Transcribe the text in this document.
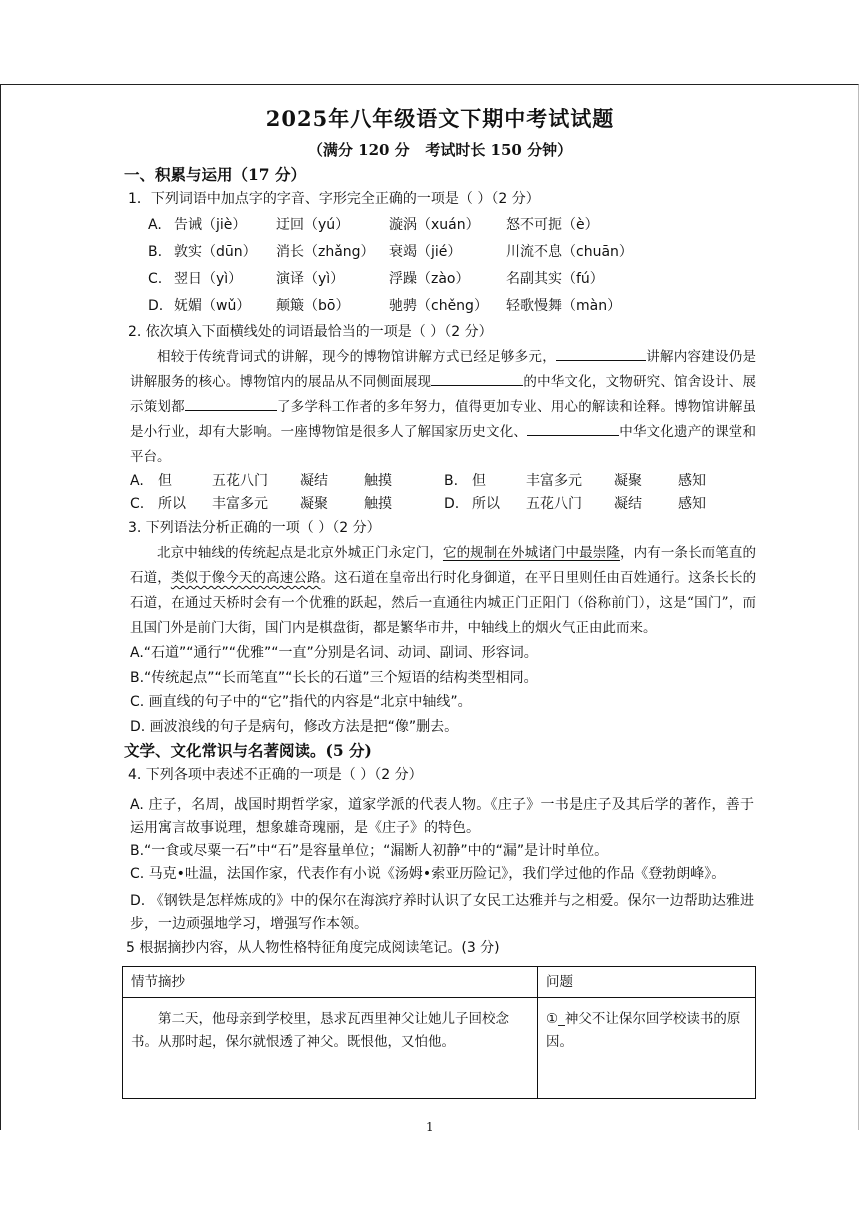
2025年八年级语文下期中考试试题
（满分 120 分   考试时长 150 分钟）
一、积累与运用（17 分）
1．下列词语中加点字的字音、字形完全正确的一项是（ ）（2 分）
A. 告诫（jiè）	迂回（yú）	漩涡（xuán）	怒不可扼（è）
B. 敦实（dūn）	消长（zhǎng）	衰竭（jié）	川流不息（chuān）
C. 翌日（yì）	演译（yì）	浮躁（zào）	名副其实（fú）
D. 妩媚（wǔ）	颠簸（bō）	驰骋（chěng）	轻歌慢舞（màn）
2. 依次填入下面横线处的词语最恰当的一项是（ ）（2 分）
相较于传统背词式的讲解，现今的博物馆讲解方式已经足够多元，	讲解内容建设仍是讲解服务的核心。博物馆内的展品从不同侧面展现	的中华文化，文物研究、馆舍设计、展示策划都	了多学科工作者的多年努力，值得更加专业、用心的解读和诠释。博物馆讲解虽是小行业，却有大影响。一座博物馆是很多人了解国家历史文化、	中华文化遗产的课堂和平台。
A.	但	五花八门	凝结	触摸	B. 但	丰富多元	凝聚	感知
C. 所以	丰富多元	凝聚	触摸	D. 所以	五花八门	凝结	感知
3. 下列语法分析正确的一项（ ）（2 分）
北京中轴线的传统起点是北京外城正门永定门，它的规制在外城诸门中最崇隆，内有一条长而笔直的石道，类似于像今天的高速公路。这石道在皇帝出行时化身御道，在平日里则任由百姓通行。这条长长的石道，在通过天桥时会有一个优雅的跃起，然后一直通往内城正门正阳门（俗称前门），这是“国门”，而且国门外是前门大街，国门内是棋盘街，都是繁华市井，中轴线上的烟火气正由此而来。
A.“石道”“通行”“优雅”“一直”分别是名词、动词、副词、形容词。
B.“传统起点”“长而笔直”“长长的石道”三个短语的结构类型相同。
C. 画直线的句子中的“它”指代的内容是“北京中轴线”。
D. 画波浪线的句子是病句，修改方法是把“像”删去。
文学、文化常识与名著阅读。(5 分)
4. 下列各项中表述不正确的一项是（ ）（2 分）
A. 庄子，名周，战国时期哲学家，道家学派的代表人物。《庄子》一书是庄子及其后学的著作，善于运用寓言故事说理，想象雄奇瑰丽，是《庄子》的特色。
B.“一食或尽粟一石”中“石”是容量单位；“漏断人初静”中的“漏”是计时单位。
C. 马克•吐温，法国作家，代表作有小说《汤姆•索亚历险记》，我们学过他的作品《登勃朗峰》。
D. 《钢铁是怎样炼成的》中的保尔在海滨疗养时认识了女民工达雅并与之相爱。保尔一边帮助达雅进步，一边顽强地学习，增强写作本领。
5 根据摘抄内容，从人物性格特征角度完成阅读笔记。(3 分)
情节摘抄	问题
第二天，他母亲到学校里，恳求瓦西里神父让她儿子回校念书。从那时起，保尔就恨透了神父。既恨他，又怕他。	①_神父不让保尔回学校读书的原因。
1
